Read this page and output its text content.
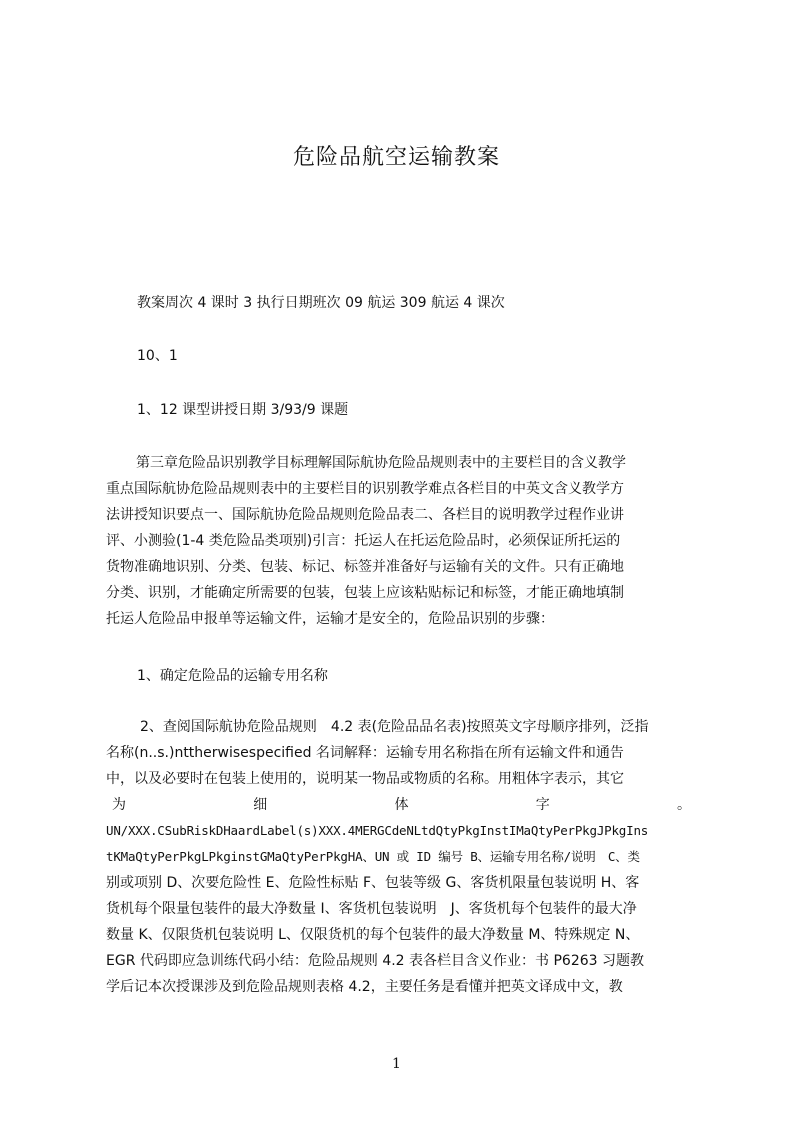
危险品航空运输教案
教案周次 4 课时 3 执行日期班次 09 航运 309 航运 4 课次
10、1
1、12 课型讲授日期 3/93/9 课题
第三章危险品识别教学目标理解国际航协危险品规则表中的主要栏目的含义教学
重点国际航协危险品规则表中的主要栏目的识别教学难点各栏目的中英文含义教学方
法讲授知识要点一、国际航协危险品规则危险品表二、各栏目的说明教学过程作业讲
评、小测验(1-4 类危险品类项别)引言：托运人在托运危险品时，必须保证所托运的
货物准确地识别、分类、包装、标记、标签并准备好与运输有关的文件。只有正确地
分类、识别，才能确定所需要的包装，包装上应该粘贴标记和标签，才能正确地填制
托运人危险品申报单等运输文件，运输才是安全的，危险品识别的步骤：
1、确定危险品的运输专用名称
2、查阅国际航协危险品规则　4.2 表(危险品品名表)按照英文字母顺序排列，泛指
名称(n..s.)nttherwisespecified 名词解释：运输专用名称指在所有运输文件和通告
中，以及必要时在包装上使用的，说明某一物品或物质的名称。用粗体字表示，其它
为	细	体	字	。
UN/XXX.CSubRiskDHaardLabel(s)XXX.4MERGCdeNLtdQtyPkgInstIMaQtyPerPkgJPkgIns
tKMaQtyPerPkgLPkginstGMaQtyPerPkgHA、UN 或 ID 编号 B、运输专用名称/说明　C、类
别或项别 D、次要危险性 E、危险性标贴 F、包装等级 G、客货机限量包装说明 H、客
货机每个限量包装件的最大净数量 I、客货机包装说明　J、客货机每个包装件的最大净
数量 K、仅限货机包装说明 L、仅限货机的每个包装件的最大净数量 M、特殊规定 N、
EGR 代码即应急训练代码小结：危险品规则 4.2 表各栏目含义作业：书 P6263 习题教
学后记本次授课涉及到危险品规则表格 4.2，主要任务是看懂并把英文译成中文，教
1
